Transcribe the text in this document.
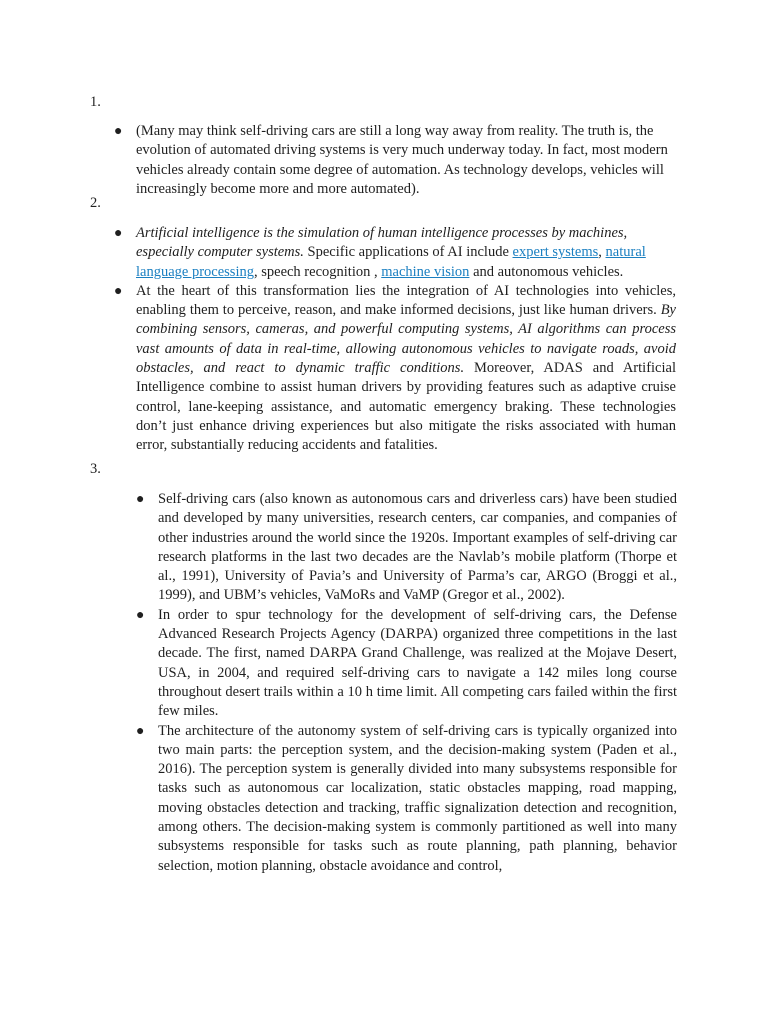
1.

● (Many may think self-driving cars are still a long way away from reality. The truth is, the evolution of automated driving systems is very much underway today. In fact, most modern vehicles already contain some degree of automation. As technology develops, vehicles will increasingly become more and more automated).

2.

● Artificial intelligence is the simulation of human intelligence processes by machines, especially computer systems. Specific applications of AI include expert systems, natural language processing, speech recognition , machine vision and autonomous vehicles.

● At the heart of this transformation lies the integration of AI technologies into vehicles, enabling them to perceive, reason, and make informed decisions, just like human drivers. By combining sensors, cameras, and powerful computing systems, AI algorithms can process vast amounts of data in real-time, allowing autonomous vehicles to navigate roads, avoid obstacles, and react to dynamic traffic conditions. Moreover, ADAS and Artificial Intelligence combine to assist human drivers by providing features such as adaptive cruise control, lane-keeping assistance, and automatic emergency braking. These technologies don’t just enhance driving experiences but also mitigate the risks associated with human error, substantially reducing accidents and fatalities.

3.

● Self-driving cars (also known as autonomous cars and driverless cars) have been studied and developed by many universities, research centers, car companies, and companies of other industries around the world since the 1920s. Important examples of self-driving car research platforms in the last two decades are the Navlab’s mobile platform (Thorpe et al., 1991), University of Pavia’s and University of Parma’s car, ARGO (Broggi et al., 1999), and UBM’s vehicles, VaMoRs and VaMP (Gregor et al., 2002).

● In order to spur technology for the development of self-driving cars, the Defense Advanced Research Projects Agency (DARPA) organized three competitions in the last decade. The first, named DARPA Grand Challenge, was realized at the Mojave Desert, USA, in 2004, and required self-driving cars to navigate a 142 miles long course throughout desert trails within a 10 h time limit. All competing cars failed within the first few miles.

● The architecture of the autonomy system of self-driving cars is typically organized into two main parts: the perception system, and the decision-making system (Paden et al., 2016). The perception system is generally divided into many subsystems responsible for tasks such as autonomous car localization, static obstacles mapping, road mapping, moving obstacles detection and tracking, traffic signalization detection and recognition, among others. The decision-making system is commonly partitioned as well into many subsystems responsible for tasks such as route planning, path planning, behavior selection, motion planning, obstacle avoidance and control,
